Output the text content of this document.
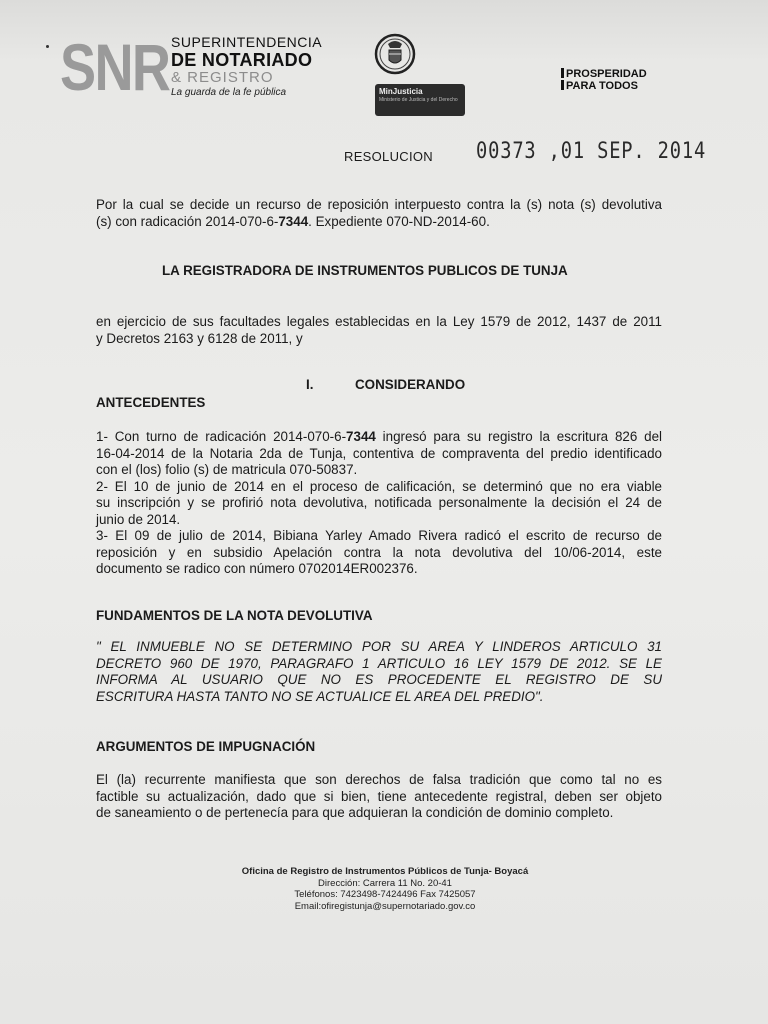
SNR SUPERINTENDENCIA
DE NOTARIADO
& REGISTRO
La guarda de la fe pública	MinJusticia
Ministerio de Justicia y del Derecho
PROSPERIDAD
PARA TODOS
RESOLUCION 00373 ,01 SEP. 2014
Por la cual se decide un recurso de reposición interpuesto contra la (s) nota (s) devolutiva
(s) con radicación 2014-070-6-7344. Expediente 070-ND-2014-60.
LA REGISTRADORA DE INSTRUMENTOS PUBLICOS DE TUNJA
en ejercicio de sus facultades legales establecidas en la Ley 1579 de 2012, 1437 de 2011
y Decretos 2163 y 6128 de 2011, y
I.	CONSIDERANDO
ANTECEDENTES
1- Con turno de radicación 2014-070-6-7344 ingresó para su registro la escritura 826 del
16-04-2014 de la Notaria 2da de Tunja, contentiva de compraventa del predio identificado
con el (los) folio (s) de matricula 070-50837.
2- El 10 de junio de 2014 en el proceso de calificación, se determinó que no era viable
su inscripción y se profirió nota devolutiva, notificada personalmente la decisión el 24 de
junio de 2014.
3- El 09 de julio de 2014, Bibiana Yarley Amado Rivera radicó el escrito de recurso de
reposición y en subsidio Apelación contra la nota devolutiva del 10/06-2014, este
documento se radico con número 0702014ER002376.
FUNDAMENTOS DE LA NOTA DEVOLUTIVA
" EL INMUEBLE NO SE DETERMINO POR SU AREA Y LINDEROS ARTICULO 31
DECRETO 960 DE 1970, PARAGRAFO 1 ARTICULO 16 LEY 1579 DE 2012. SE LE
INFORMA AL USUARIO QUE NO ES PROCEDENTE EL REGISTRO DE SU
ESCRITURA HASTA TANTO NO SE ACTUALICE EL AREA DEL PREDIO".
ARGUMENTOS DE IMPUGNACIÓN
El (la) recurrente manifiesta que son derechos de falsa tradición que como tal no es
factible su actualización, dado que si bien, tiene antecedente registral, deben ser objeto
de saneamiento o de pertenecía para que adquieran la condición de dominio completo.
Oficina de Registro de Instrumentos Públicos de Tunja- Boyacá
Dirección: Carrera 11 No. 20-41
Teléfonos: 7423498-7424496 Fax 7425057
Email:ofiregistunja@supernotariado.gov.co
